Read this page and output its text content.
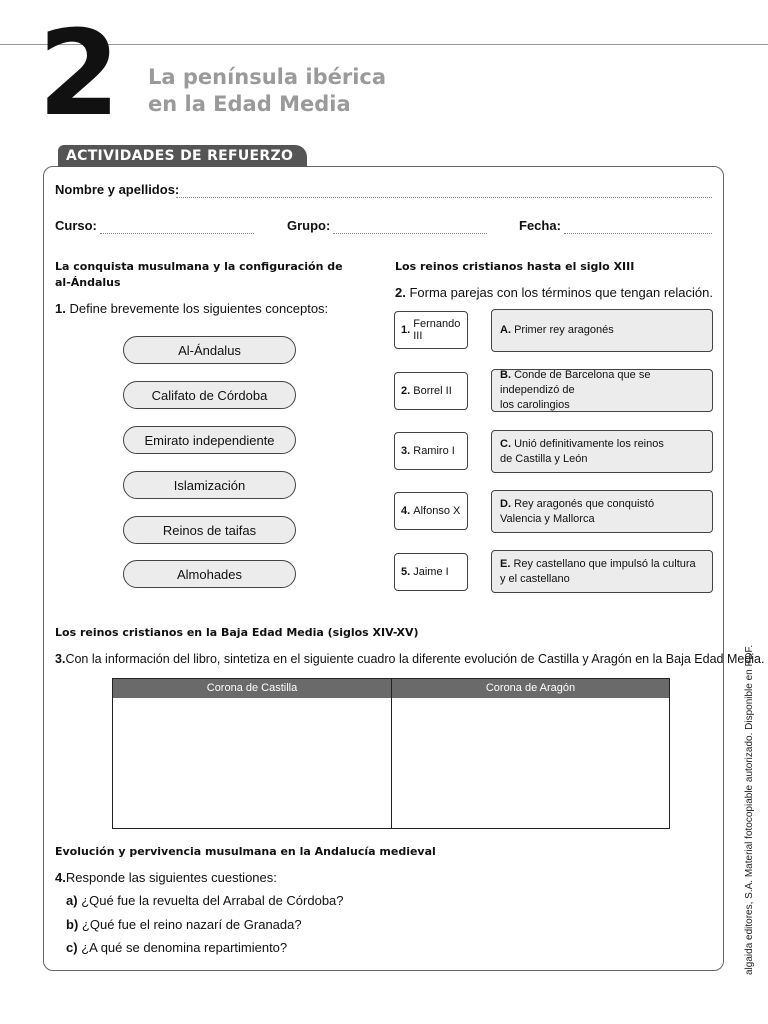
2 La península ibérica
en la Edad Media
ACTIVIDADES DE REFUERZO
Nombre y apellidos:
Curso:	Grupo:	Fecha:
La conquista musulmana y la configuración de
al-Ándalus
1. Define brevemente los siguientes conceptos:
Al-Ándalus
Califato de Córdoba
Emirato independiente
Islamización
Reinos de taifas
Almohades
Los reinos cristianos hasta el siglo XIII
2. Forma parejas con los términos que tengan relación.
1.
Fernando III
2.
Borrel II
3.
Ramiro I
4.
Alfonso X
5.
Jaime I
A. Primer rey aragonés
B. Conde de Barcelona que se independizó de
los carolingios
C. Unió definitivamente los reinos
de Castilla y León
D. Rey aragonés que conquistó
Valencia y Mallorca
E. Rey castellano que impulsó la cultura
y el castellano
Los reinos cristianos en la Baja Edad Media (siglos XIV-XV)
3.Con la información del libro, sintetiza en el siguiente cuadro la diferente evolución de Castilla y Aragón en la Baja Edad Media.
Corona de Castilla	Corona de Aragón
Evolución y pervivencia musulmana en la Andalucía medieval
4.Responde las siguientes cuestiones:
a) ¿Qué fue la revuelta del Arrabal de Córdoba?
b) ¿Qué fue el reino nazarí de Granada?
c) ¿A qué se denomina repartimiento?	algaida editores, S.A. Material fotocopiable autorizado. Disponible en PDF.
